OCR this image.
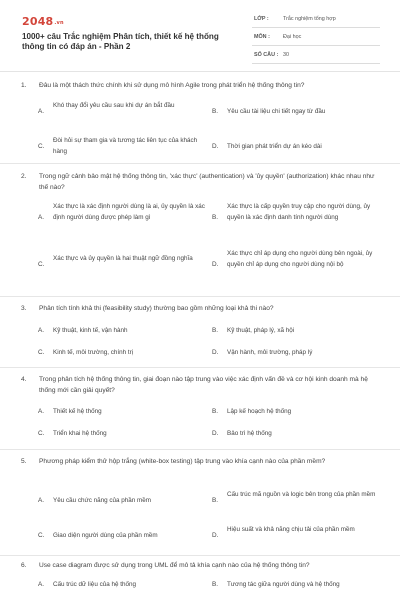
2048.vn
1000+ câu Trắc nghiệm Phân tích, thiết kế hệ thống thông tin có đáp án - Phần 2
LỚP :	Trắc nghiệm tổng hợp
MÔN : Đại học
SỐ CÂU : 30
1. Đâu là một thách thức chính khi sử dụng mô hình Agile trong phát triển hệ thống thông tin?
A.
Khó thay đổi yêu cầu sau khi dự án bắt đầu
B. Yêu cầu tài liệu chi tiết ngay từ đầu
C.
Đòi hỏi sự tham gia và tương tác liên tục của khách hàng
D. Thời gian phát triển dự án kéo dài
2. Trong ngữ cảnh bảo mật hệ thống thông tin, 'xác thực' (authentication) và 'ủy quyền' (authorization) khác nhau như thế nào?
A.
Xác thực là xác định người dùng là ai, ủy quyền là xác định người dùng được phép làm gì	B.
Xác thực là cấp quyền truy cập cho người dùng, ủy quyền là xác định danh tính người dùng
C.
Xác thực và ủy quyền là hai thuật ngữ đồng nghĩa
D.
Xác thực chỉ áp dụng cho người dùng bên ngoài, ủy quyền chỉ áp dụng cho người dùng nội bộ
3. Phân tích tính khả thi (feasibility study) thường bao gồm những loại khả thi nào?
A. Kỹ thuật, kinh tế, vận hành	B. Kỹ thuật, pháp lý, xã hội
C. Kinh tế, môi trường, chính trị	D. Vận hành, môi trường, pháp lý
4. Trong phân tích hệ thống thông tin, giai đoạn nào tập trung vào việc xác định vấn đề và cơ hội kinh doanh mà hệ thống mới cần giải quyết?
A. Thiết kế hệ thống	B. Lập kế hoạch hệ thống
C. Triển khai hệ thống	D. Bảo trì hệ thống
5. Phương pháp kiểm thử hộp trắng (white-box testing) tập trung vào khía cạnh nào của phần mềm?
A. Yêu cầu chức năng của phần mềm	B.
Cấu trúc mã nguồn và logic bên trong của phần mềm
C. Giao diện người dùng của phần mềm	D.
Hiệu suất và khả năng chịu tải của phần mềm
6. Use case diagram được sử dụng trong UML để mô tả khía cạnh nào của hệ thống thông tin?
A. Cấu trúc dữ liệu của hệ thống	B. Tương tác giữa người dùng và hệ thống
